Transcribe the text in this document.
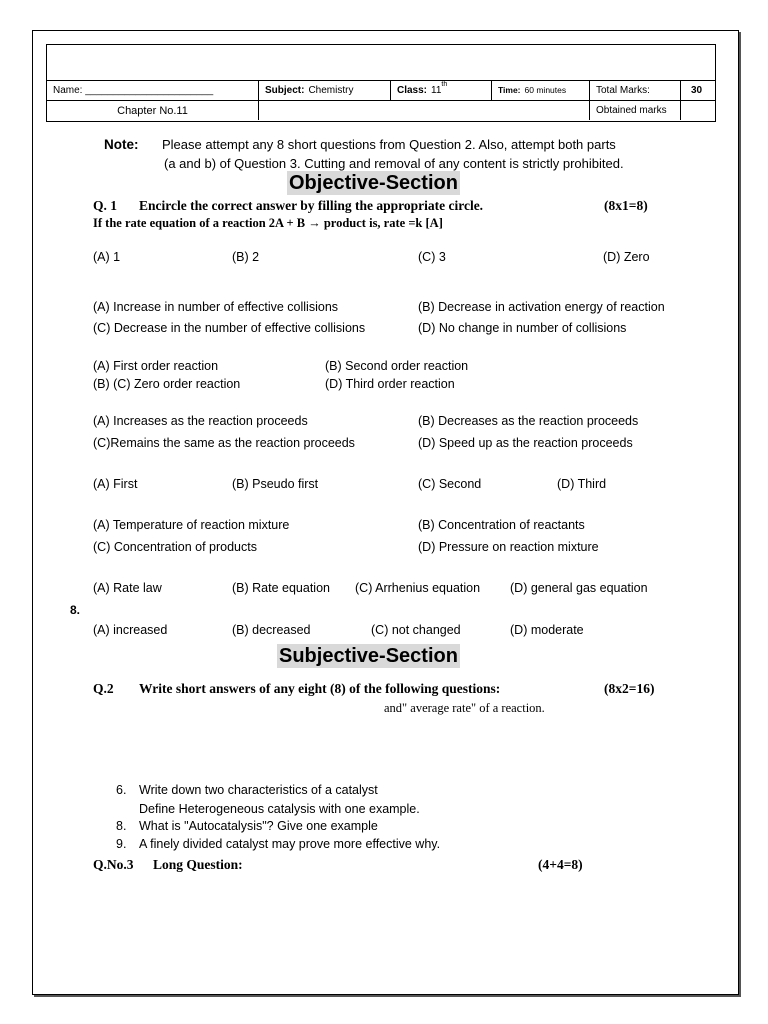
Name: _______________________	Subject: Chemistry	Class: 11th
Time: 60 minutes	Total Marks:	30
Chapter No.11	Obtained marks
Note: Please attempt any 8 short questions from Question 2. Also, attempt both parts
(a and b) of Question 3. Cutting and removal of any content is strictly prohibited.
Objective-Section
Q. 1 Encircle the correct answer by filling the appropriate circle.	(8x1=8)
If the rate equation of a reaction 2A + B → product is, rate =k [A]
(A) 1	(B) 2	(C) 3	(D) Zero
(A) Increase in number of effective collisions	(B) Decrease in activation energy of reaction
(C) Decrease in the number of effective collisions	(D) No change in number of collisions
(A) First order reaction	(B) Second order reaction
(B) (C) Zero order reaction	(D) Third order reaction
(A) Increases as the reaction proceeds	(B) Decreases as the reaction proceeds
(C)Remains the same as the reaction proceeds	(D) Speed up as the reaction proceeds
(A) First	(B) Pseudo first	(C) Second	(D) Third
(A) Temperature of reaction mixture	(B) Concentration of reactants
(C) Concentration of products	(D) Pressure on reaction mixture
(A) Rate law	(B) Rate equation (C) Arrhenius equation (D) general gas equation
8.
(A) increased	(B) decreased	(C) not changed	(D) moderate
Subjective-Section
Q.2 Write short answers of any eight (8) of the following questions:	(8x2=16)
and" average rate" of a reaction.
6. Write down two characteristics of a catalyst
Define Heterogeneous catalysis with one example.
8. What is "Autocatalysis"? Give one example
9. A finely divided catalyst may prove more effective why.
Q.No.3 Long Question:	(4+4=8)
